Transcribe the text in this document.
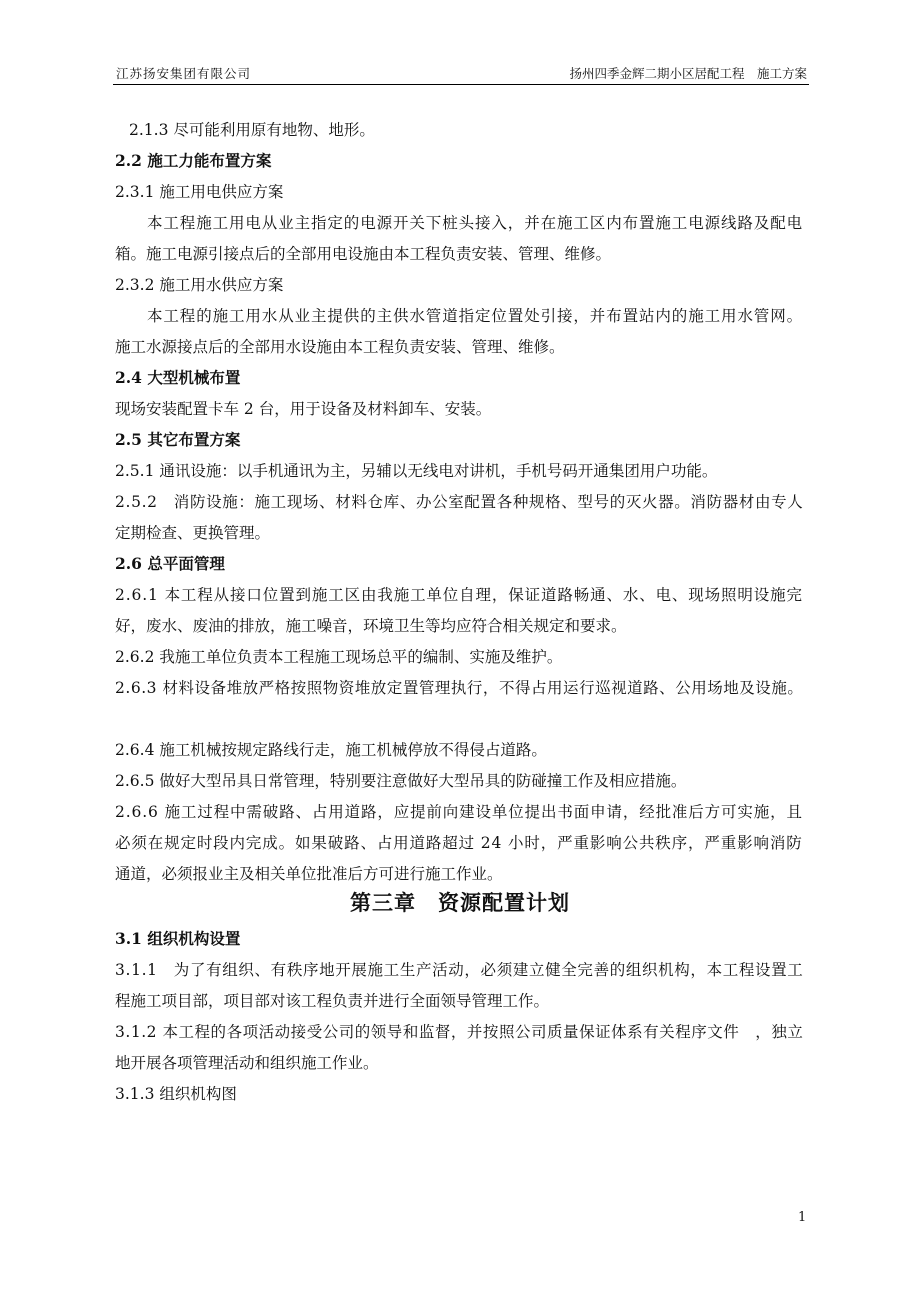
江苏扬安集团有限公司	扬州四季金辉二期小区居配工程　施工方案
2.1.3 尽可能利用原有地物、地形。
2.2 施工力能布置方案
2.3.1 施工用电供应方案
本工程施工用电从业主指定的电源开关下桩头接入，并在施工区内布置施工电源线路及配电
箱。施工电源引接点后的全部用电设施由本工程负责安装、管理、维修。
2.3.2 施工用水供应方案
本工程的施工用水从业主提供的主供水管道指定位置处引接，并布置站内的施工用水管网。
施工水源接点后的全部用水设施由本工程负责安装、管理、维修。
2.4 大型机械布置
现场安装配置卡车 2 台，用于设备及材料卸车、安装。
2.5 其它布置方案
2.5.1 通讯设施：以手机通讯为主，另辅以无线电对讲机，手机号码开通集团用户功能。
2.5.2　消防设施：施工现场、材料仓库、办公室配置各种规格、型号的灭火器。消防器材由专人
定期检查、更换管理。
2.6 总平面管理
2.6.1 本工程从接口位置到施工区由我施工单位自理，保证道路畅通、水、电、现场照明设施完
好，废水、废油的排放，施工噪音，环境卫生等均应符合相关规定和要求。
2.6.2 我施工单位负责本工程施工现场总平的编制、实施及维护。
2.6.3 材料设备堆放严格按照物资堆放定置管理执行，不得占用运行巡视道路、公用场地及设施。
2.6.4 施工机械按规定路线行走，施工机械停放不得侵占道路。
2.6.5 做好大型吊具日常管理，特别要注意做好大型吊具的防碰撞工作及相应措施。
2.6.6 施工过程中需破路、占用道路，应提前向建设单位提出书面申请，经批准后方可实施，且
必须在规定时段内完成。如果破路、占用道路超过 24 小时，严重影响公共秩序，严重影响消防
通道，必须报业主及相关单位批准后方可进行施工作业。
3.1 组织机构设置
3.1.1　为了有组织、有秩序地开展施工生产活动，必须建立健全完善的组织机构，本工程设置工
程施工项目部，项目部对该工程负责并进行全面领导管理工作。
3.1.2 本工程的各项活动接受公司的领导和监督，并按照公司质量保证体系有关程序文件　，独立
地开展各项管理活动和组织施工作业。
3.1.3 组织机构图
第三章　资源配置计划
1
